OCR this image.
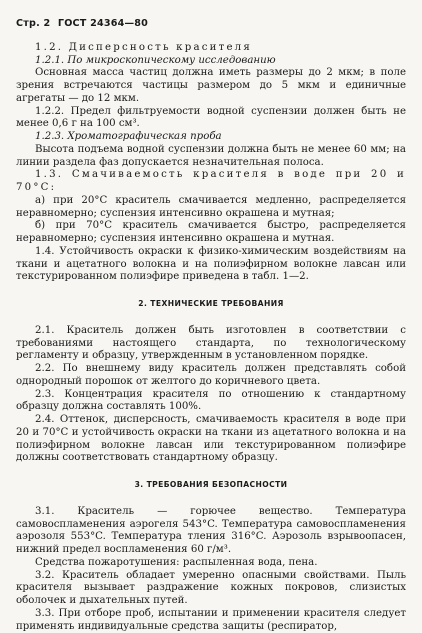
Стр. 2 ГОСТ 24364—80

1.2. Дисперсность красителя

1.2.1. По микроскопическому исследованию

Основная масса частиц должна иметь размеры до 2 мкм; в поле зрения встречаются частицы размером до 5 мкм и единичные агрегаты — до 12 мкм.

1.2.2. Предел фильтруемости водной суспензии должен быть не менее 0,6 г на 100 см³.

1.2.3. Хроматографическая проба

Высота подъема водной суспензии должна быть не менее 60 мм; на линии раздела фаз допускается незначительная полоса.

1.3. Смачиваемость красителя в воде при 20 и 70°C:

а) при 20°C краситель смачивается медленно, распределяется неравномерно; суспензия интенсивно окрашена и мутная;

б) при 70°C краситель смачивается быстро, распределяется неравномерно; суспензия интенсивно окрашена и мутная.

1.4. Устойчивость окраски к физико-химическим воздействиям на ткани и ацетатного волокна и на полиэфирном волокне лавсан или текстурированном полиэфире приведена в табл. 1—2.

2. ТЕХНИЧЕСКИЕ ТРЕБОВАНИЯ

2.1. Краситель должен быть изготовлен в соответствии с требованиями настоящего стандарта, по технологическому регламенту и образцу, утвержденным в установленном порядке.

2.2. По внешнему виду краситель должен представлять собой однородный порошок от желтого до коричневого цвета.

2.3. Концентрация красителя по отношению к стандартному образцу должна составлять 100%.

2.4. Оттенок, дисперсность, смачиваемость красителя в воде при 20 и 70°C и устойчивость окраски на ткани из ацетатного волокна и на полиэфирном волокне лавсан или текстурированном полиэфире должны соответствовать стандартному образцу.

3. ТРЕБОВАНИЯ БЕЗОПАСНОСТИ

3.1. Краситель — горючее вещество. Температура самовоспламенения аэрогеля 543°C. Температура самовоспламенения аэрозоля 553°C. Температура тления 316°C. Аэрозоль взрывоопасен, нижний предел воспламенения 60 г/м³.

Средства пожаротушения: распыленная вода, пена.

3.2. Краситель обладает умеренно опасными свойствами. Пыль красителя вызывает раздражение кожных покровов, слизистых оболочек и дыхательных путей.

3.3. При отборе проб, испытании и применении красителя следует применять индивидуальные средства защиты (респиратор,
